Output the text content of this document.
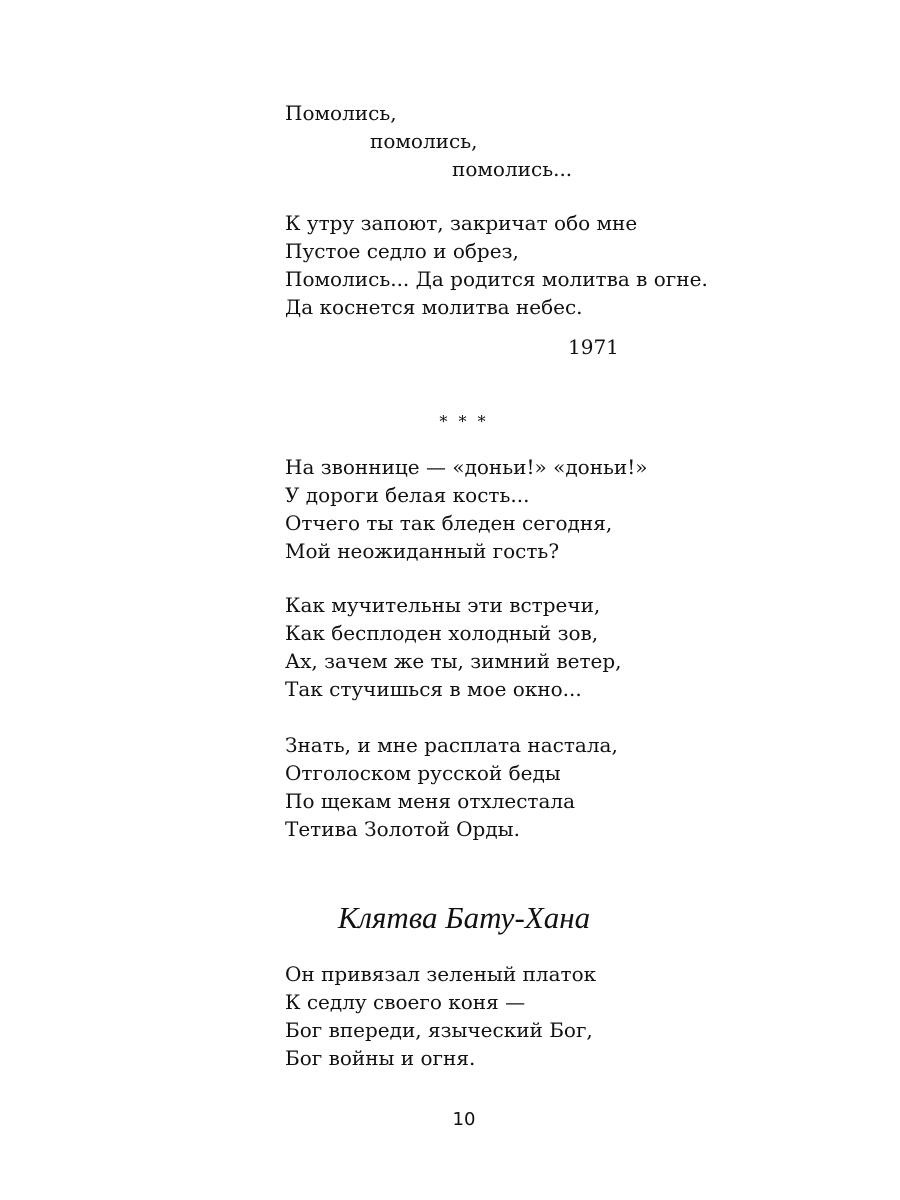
Помолись,
помолись,
помолись...
К утру запоют, закричат обо мне
Пустое седло и обрез,
Помолись... Да родится молитва в огне.
Да коснется молитва небес.
1971
* * *
На звоннице — «доньи!» «доньи!»
У дороги белая кость...
Отчего ты так бледен сегодня,
Мой неожиданный гость?
Как мучительны эти встречи,
Как бесплоден холодный зов,
Ах, зачем же ты, зимний ветер,
Так стучишься в мое окно...
Знать, и мне расплата настала,
Отголоском русской беды
По щекам меня отхлестала
Тетива Золотой Орды.
Клятва Бату-Хана
Он привязал зеленый платок
К седлу своего коня —
Бог впереди, языческий Бог,
Бог войны и огня.
10
